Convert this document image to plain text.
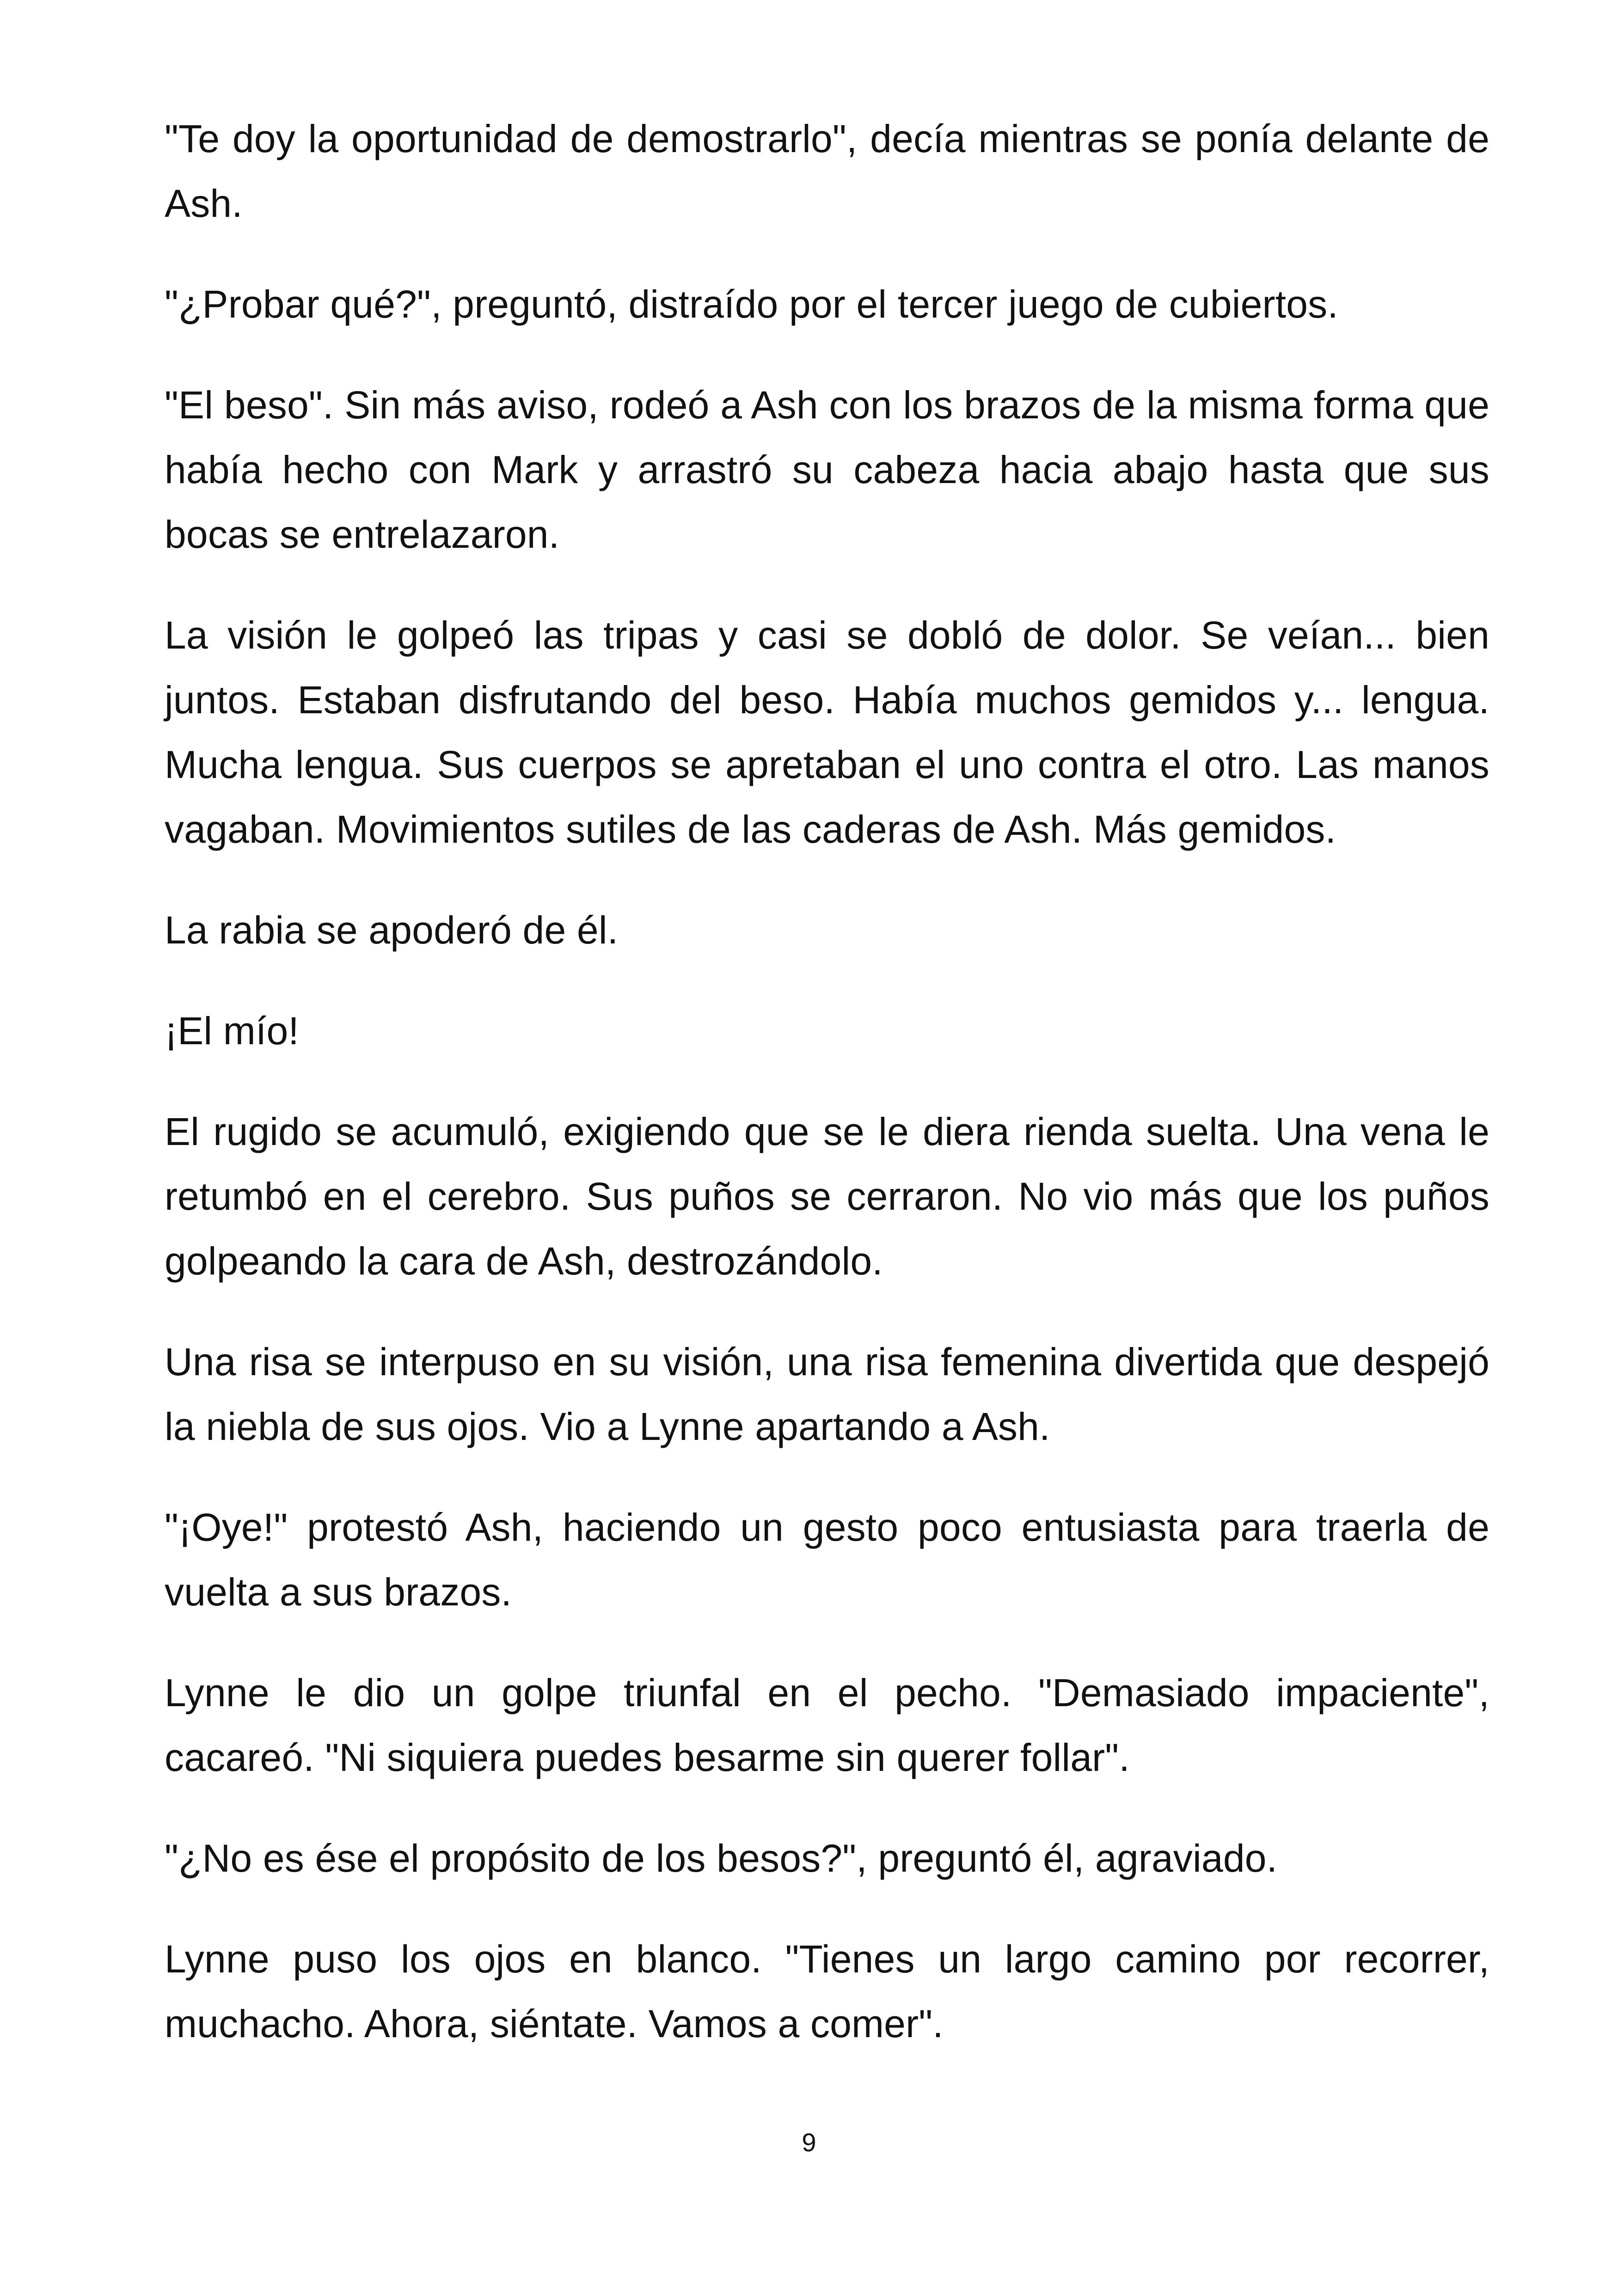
"Te doy la oportunidad de demostrarlo", decía mientras se ponía delante de Ash.

"¿Probar qué?", preguntó, distraído por el tercer juego de cubiertos.

"El beso". Sin más aviso, rodeó a Ash con los brazos de la misma forma que había hecho con Mark y arrastró su cabeza hacia abajo hasta que sus bocas se entrelazaron.

La visión le golpeó las tripas y casi se dobló de dolor. Se veían... bien juntos. Estaban disfrutando del beso. Había muchos gemidos y... lengua. Mucha lengua. Sus cuerpos se apretaban el uno contra el otro. Las manos vagaban. Movimientos sutiles de las caderas de Ash. Más gemidos.

La rabia se apoderó de él.

¡El mío!

El rugido se acumuló, exigiendo que se le diera rienda suelta. Una vena le retumbó en el cerebro. Sus puños se cerraron. No vio más que los puños golpeando la cara de Ash, destrozándolo.

Una risa se interpuso en su visión, una risa femenina divertida que despejó la niebla de sus ojos. Vio a Lynne apartando a Ash.

"¡Oye!" protestó Ash, haciendo un gesto poco entusiasta para traerla de vuelta a sus brazos.

Lynne le dio un golpe triunfal en el pecho. "Demasiado impaciente", cacareó. "Ni siquiera puedes besarme sin querer follar".

"¿No es ése el propósito de los besos?", preguntó él, agraviado.

Lynne puso los ojos en blanco. "Tienes un largo camino por recorrer, muchacho. Ahora, siéntate. Vamos a comer".

9
